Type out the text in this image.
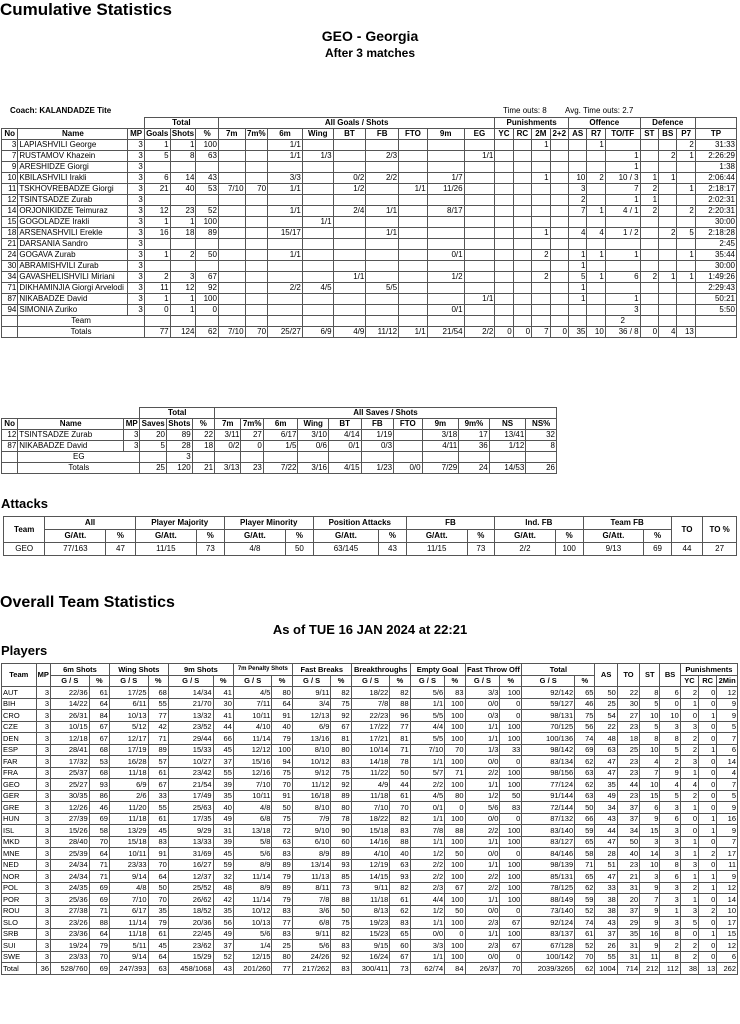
Cumulative Statistics
GEO - Georgia
After 3 matches
Coach: KALANDADZE Tite	Time outs: 8 Avg. Time outs: 2.7
			Total			All Goals / Shots									Punishments				Offence			Defence			
No	Name	MP	Goals	Shots	%	7m	7m%	6m	Wing	BT	FB	FTO	9m	EG	YC	RC	2M	2+2	AS	R7	TO/TF	ST	BS	P7	TP
3	LAPIASHVILI George	3	1	1	100			1/1									1			1				2	31:33
7	RUSTAMOV Khazein	3	5	8	63			1/1	1/3		2/3			1/1							1		2	1	2:26:29
9	ARESHIDZE Giorgi	3																			1				1:38
10	KBILASHVILI Irakli	3	6	14	43			3/3		0/2	2/2		1/7				1		10	2	10 / 3	1	1		2:06:44
11	TSKHOVREBADZE Giorgi	3	21	40	53	7/10	70	1/1		1/2		1/1	11/26						3		7	2		1	2:18:17
12	TSINTSADZE Zurab	3																	2		1	1			2:02:31
14	ORJONIKIDZE Teimuraz	3	12	23	52			1/1		2/4	1/1		8/17						7	1	4 / 1	2		2	2:20:31
15	GOGOLADZE Irakli	3	1	1	100				1/1																30:00
18	ARSENASHVILI Erekle	3	16	18	89			15/17			1/1						1		4	4	1 / 2		2	5	2:18:28
21	DARSANIA Sandro	3																							2:45
24	GOGAVA Zurab	3	1	2	50			1/1					0/1				2		1	1	1			1	35:44
30	ABRAMISHVILI Zurab	3																	1						30:00
34	GAVASHELISHVILI Miriani	3	2	3	67					1/1			1/2				2		5	1	6	2	1	1	1:49:26
71	DIKHAMINJIA Giorgi Arvelodi	3	11	12	92			2/2	4/5		5/5								1						2:29:43
87	NIKABADZE David	3	1	1	100									1/1					1		1				50:21
94	SIMONIA Zuriko	3	0	1	0								0/1								3				5:50
	Team																				2				
	Totals		77	124	62	7/10	70	25/27	6/9	4/9	11/12	1/1	21/54	2/2	0	0	7	0	35	10	36 / 8	0	4	13	
			Total			All Saves / Shots										
No	Name	MP	Saves	Shots	%	7m	7m%	6m	Wing	BT	FB	FTO	9m	9m%	NS	NS%
12	TSINTSADZE Zurab	3	20	89	22	3/11	27	6/17	3/10	4/14	1/19		3/18	17	13/41	32
87	NIKABADZE David	3	5	28	18	0/2	0	1/5	0/6	0/1	0/3		4/11	36	1/12	8
	EG			3												
	Totals		25	120	21	3/13	23	7/22	3/16	4/15	1/23	0/0	7/29	24	14/53	26
Attacks
Team	All		Player Majority		Player Minority		Position Attacks		FB		Ind. FB		Team FB		TO	TO %
	G/Att.	%	G/Att.	%	G/Att.	%	G/Att.	%	G/Att.	%	G/Att.	%	G/Att.	%		
GEO	77/163	47	11/15	73	4/8	50	63/145	43	11/15	73	2/2	100	9/13	69	44	27
Overall Team Statistics
As of TUE 16 JAN 2024 at 22:21
Players
Team	MP	6m Shots		Wing Shots		9m Shots		7m Penalty Shots		Fast Breaks		Breakthroughs		Empty Goal		Fast Throw Off		Total		AS	TO	ST	BS	Punishments		
		G / S	%	G / S	%	G / S	%	G / S	%	G / S	%	G / S	%	G / S	%	G / S	%	G / S	%					YC	RC	2Min
AUT	3	22/36	61	17/25	68	14/34	41	4/5	80	9/11	82	18/22	82	5/6	83	3/3	100	92/142	65	50	22	8	6	2	0	12
BIH	3	14/22	64	6/11	55	21/70	30	7/11	64	3/4	75	7/8	88	1/1	100	0/0	0	59/127	46	25	30	5	0	1	0	9
CRO	3	26/31	84	10/13	77	13/32	41	10/11	91	12/13	92	22/23	96	5/5	100	0/3	0	98/131	75	54	27	10	10	0	1	9
CZE	3	10/15	67	5/12	42	23/52	44	4/10	40	6/9	67	17/22	77	4/4	100	1/1	100	70/125	56	22	23	5	3	3	0	5
DEN	3	12/18	67	12/17	71	29/44	66	11/14	79	13/16	81	17/21	81	5/5	100	1/1	100	100/136	74	48	18	8	8	2	0	7
ESP	3	28/41	68	17/19	89	15/33	45	12/12	100	8/10	80	10/14	71	7/10	70	1/3	33	98/142	69	63	25	10	5	2	1	6
FAR	3	17/32	53	16/28	57	10/27	37	15/16	94	10/12	83	14/18	78	1/1	100	0/0	0	83/134	62	47	23	4	2	3	0	14
FRA	3	25/37	68	11/18	61	23/42	55	12/16	75	9/12	75	11/22	50	5/7	71	2/2	100	98/156	63	47	23	7	9	1	0	4
GEO	3	25/27	93	6/9	67	21/54	39	7/10	70	11/12	92	4/9	44	2/2	100	1/1	100	77/124	62	35	44	10	4	4	0	7
GER	3	30/35	86	2/6	33	17/49	35	10/11	91	16/18	89	11/18	61	4/5	80	1/2	50	91/144	63	49	23	15	5	2	0	5
GRE	3	12/26	46	11/20	55	25/63	40	4/8	50	8/10	80	7/10	70	0/1	0	5/6	83	72/144	50	34	37	6	3	1	0	9
HUN	3	27/39	69	11/18	61	17/35	49	6/8	75	7/9	78	18/22	82	1/1	100	0/0	0	87/132	66	43	37	9	6	0	1	16
ISL	3	15/26	58	13/29	45	9/29	31	13/18	72	9/10	90	15/18	83	7/8	88	2/2	100	83/140	59	44	34	15	3	0	1	9
MKD	3	28/40	70	15/18	83	13/33	39	5/8	63	6/10	60	14/16	88	1/1	100	1/1	100	83/127	65	47	50	3	3	1	0	7
MNE	3	25/39	64	10/11	91	31/69	45	5/6	83	8/9	89	4/10	40	1/2	50	0/0	0	84/146	58	28	40	14	3	1	2	17
NED	3	24/34	71	23/33	70	16/27	59	8/9	89	13/14	93	12/19	63	2/2	100	1/1	100	98/139	71	51	23	10	8	3	0	11
NOR	3	24/34	71	9/14	64	12/37	32	11/14	79	11/13	85	14/15	93	2/2	100	2/2	100	85/131	65	47	21	3	6	1	1	9
POL	3	24/35	69	4/8	50	25/52	48	8/9	89	8/11	73	9/11	82	2/3	67	2/2	100	78/125	62	33	31	9	3	2	1	12
POR	3	25/36	69	7/10	70	26/62	42	11/14	79	7/8	88	11/18	61	4/4	100	1/1	100	88/149	59	38	20	7	3	1	0	14
ROU	3	27/38	71	6/17	35	18/52	35	10/12	83	3/6	50	8/13	62	1/2	50	0/0	0	73/140	52	38	37	9	1	3	2	10
SLO	3	23/26	88	11/14	79	20/36	56	10/13	77	6/8	75	19/23	83	1/1	100	2/3	67	92/124	74	43	29	9	3	5	0	17
SRB	3	23/36	64	11/18	61	22/45	49	5/6	83	9/11	82	15/23	65	0/0	0	1/1	100	83/137	61	37	35	16	8	0	1	15
SUI	3	19/24	79	5/11	45	23/62	37	1/4	25	5/6	83	9/15	60	3/3	100	2/3	67	67/128	52	26	31	9	2	2	0	12
SWE	3	23/33	70	9/14	64	15/29	52	12/15	80	24/26	92	16/24	67	1/1	100	0/0	0	100/142	70	55	31	11	8	2	0	6
Total	36	528/760	69	247/393	63	458/1068	43	201/260	77	217/262	83	300/411	73	62/74	84	26/37	70	2039/3265	62	1004	714	212	112	38	13	262
